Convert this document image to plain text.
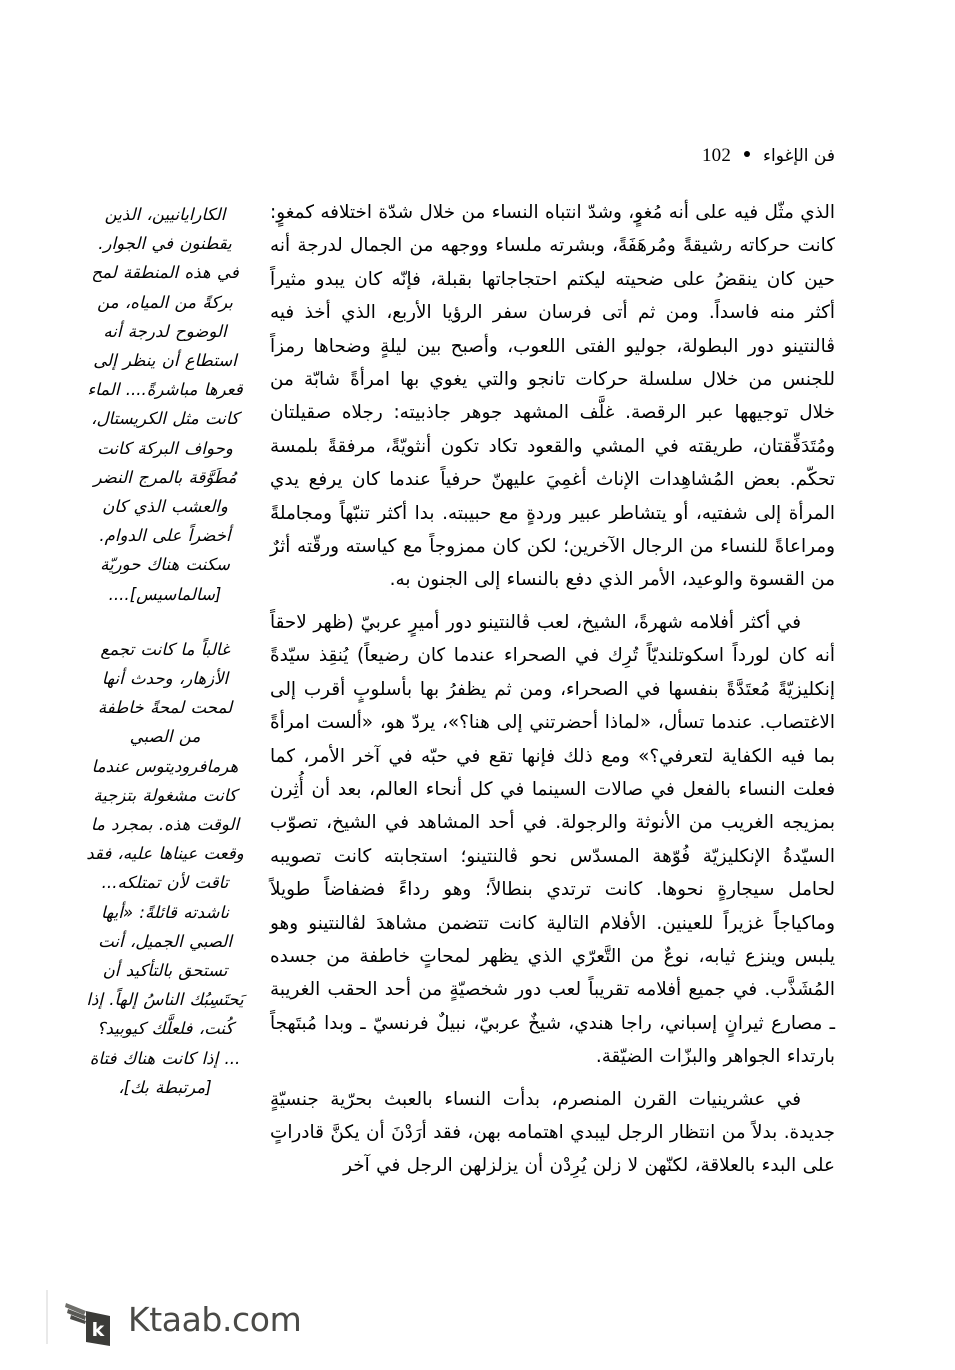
فن الإغواء
102

الذي مثّل فيه على أنه مُغوٍ، وشدّ انتباه النساء من خلال شدّة اختلافه كمغوٍ: كانت حركاته رشيقةً ومُرهَفَةً، وبشرته ملساء ووجهه من الجمال لدرجة أنه حين كان ينقضُ على ضحيته ليكتم احتجاجاتها بقبلة، فإنّه كان يبدو مثيراً أكثر منه فاسداً. ومن ثم أتى فرسان سفر الرؤيا الأربع، الذي أخذ فيه ڤالنتينو دور البطولة، جوليو الفتى اللعوب، وأصبح بين ليلةٍ وضحاها رمزاً للجنس من خلال سلسلة حركات تانجو والتي يغوي بها امرأةً شابّة من خلال توجيهها عبر الرقصة. غلَّف المشهد جوهر جاذبيته: رجلاه صقيلتان ومُتَدَفِّقتان، طريقته في المشي والقعود تكاد تكون أنثويّةً، مرفقةً بلمسة تحكّم. بعض المُشاهِدات الإناث أغمِيَ عليهنّ حرفياً عندما كان يرفع يدي المرأة إلى شفتيه، أو يتشاطر عبير وردةٍ مع حبيبته. بدا أكثر تنبّهاً ومجاملةً ومراعاةً للنساء من الرجال الآخرين؛ لكن كان ممزوجاً مع كياسته ورقّته أثرٌ من القسوة والوعيد، الأمر الذي دفع بالنساء إلى الجنون به.

في أكثر أفلامه شهرةً، الشيخ، لعب ڤالنتينو دور أميرٍ عربيّ (ظهر لاحقاً أنه كان لورداً اسكوتلنديّاً تُرِك في الصحراء عندما كان رضيعاً) يُنقِذ سيّدةً إنكليزيّةً مُعتَدَّةً بنفسها في الصحراء، ومن ثم يظفرُ بها بأسلوبٍ أقرب إلى الاغتصاب. عندما تسأل، «لماذا أحضرتني إلى هنا؟»، يردّ هو، «ألست امرأةً بما فيه الكفاية لتعرفي؟» ومع ذلك فإنها تقع في حبّه في آخر الأمر، كما فعلت النساء بالفعل في صالات السينما في كل أنحاء العالم، بعد أن أُثِرن بمزيجه الغريب من الأنوثة والرجولة. في أحد المشاهد في الشيخ، تصوّب السيّدةُ الإنكليزيّة فُوّهة المسدّس نحو ڤالنتينو؛ استجابته كانت تصويبه لحامل سيجارةٍ نحوها. كانت ترتدي بنطالاً؛ وهو رداءً فضفاضاً طويلاً وماكياجاً غزيراً للعينين. الأفلام التالية كانت تتضمن مشاهدَ لڤالنتينو وهو يلبس وينزع ثيابه، نوعٌ من التَّعرّي الذي يظهر لمحاتٍ خاطفة من جسده المُشَذَّب. في جميع أفلامه تقريباً لعب دور شخصيّةٍ من أحد الحقب الغريبة ـ مصارع ثيرانٍ إسباني، راجا هندي، شيخٌ عربيّ، نبيلٌ فرنسيّ ـ وبدا مُبتَهجاً بارتداء الجواهر والبزّات الضيّقة.

في عشرينيات القرن المنصرم، بدأت النساء بالعبث بحرّية جنسيّةٍ جديدة. بدلاً من انتظار الرجل ليبدي اهتمامه بهن، فقد أرَدْنَ أن يكنَّ قادراتٍ على البدء بالعلاقة، لكنّهن لا زلن يُرِدْن أن يزلزلهن الرجل في آخر

الكارايانيين، الذين يقطنون في الجوار. في هذه المنطقة لمح بركةً من المياه، من الوضوح لدرجة أنه استطاع أن ينظر إلى قعرها مباشرةً.... الماء كانت مثل الكريستال، وحواف البركة كانت مُطَوَّقة بالمرج النضر والعشب الذي كان أخضراً على الدوام. سكنت هناك حوريّة [سالماسيس]....

غالباً ما كانت تجمع الأزهار، وحدث أنها لمحت لمحةً خاطفة من الصبي هرمافروديتوس عندما كانت مشغولة بتزجية الوقت هذه. بمجرد ما وقعت عيناها عليه، فقد تاقت لأن تمتلكه... ناشدته قائلةً: «أيها الصبي الجميل، أنت تستحق بالتأكيد أن يَحتَسِبُك الناسُ إلهاً. إذا كُنت، فلعلَّك كيوبيد؟ ... إذا كانت هناك فتاة [مرتبطة بك]،

k Ktaab.com
